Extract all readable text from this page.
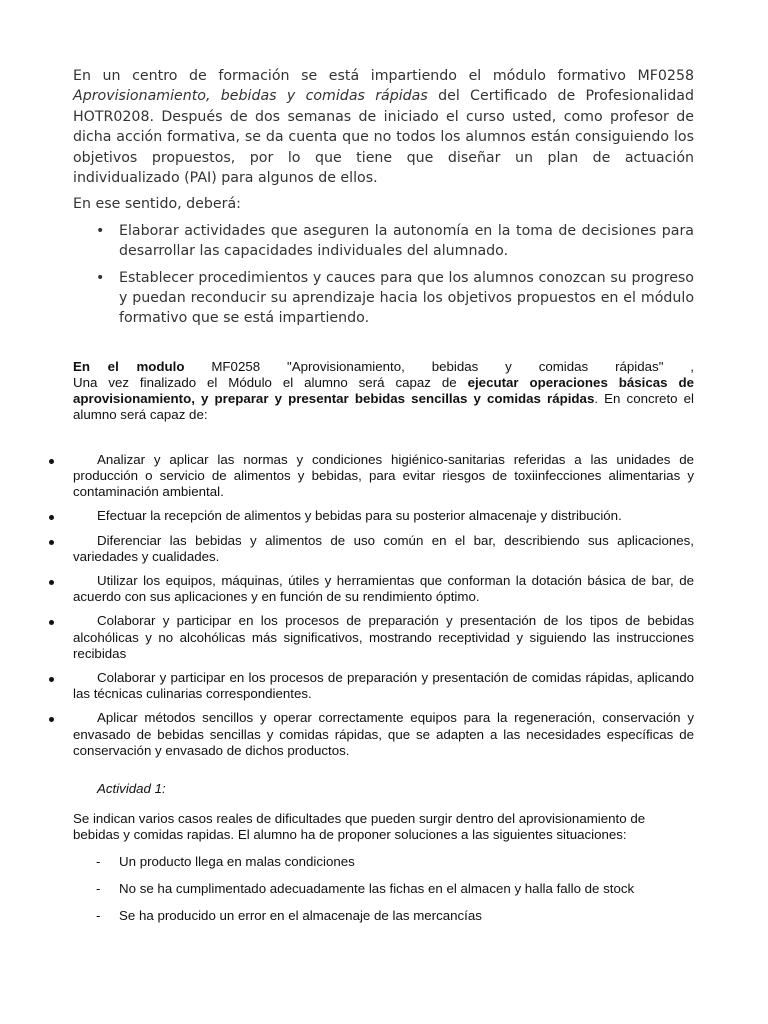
En un centro de formación se está impartiendo el módulo formativo MF0258 Aprovisionamiento, bebidas y comidas rápidas del Certificado de Profesionalidad HOTR0208. Después de dos semanas de iniciado el curso usted, como profesor de dicha acción formativa, se da cuenta que no todos los alumnos están consiguiendo los objetivos propuestos, por lo que tiene que diseñar un plan de actuación individualizado (PAI) para algunos de ellos.

En ese sentido, deberá:

• Elaborar actividades que aseguren la autonomía en la toma de decisiones para desarrollar las capacidades individuales del alumnado.
• Establecer procedimientos y cauces para que los alumnos conozcan su progreso y puedan reconducir su aprendizaje hacia los objetivos propuestos en el módulo formativo que se está impartiendo.
En el modulo MF0258 "Aprovisionamiento, bebidas y comidas rápidas" ,

Una vez finalizado el Módulo el alumno será capaz de ejecutar operaciones básicas de aprovisionamiento, y preparar y presentar bebidas sencillas y comidas rápidas. En concreto el alumno será capaz de:

Analizar y aplicar las normas y condiciones higiénico-sanitarias referidas a las unidades de producción o servicio de alimentos y bebidas, para evitar riesgos de toxiinfecciones alimentarias y contaminación ambiental.
Efectuar la recepción de alimentos y bebidas para su posterior almacenaje y distribución.
Diferenciar las bebidas y alimentos de uso común en el bar, describiendo sus aplicaciones, variedades y cualidades.
Utilizar los equipos, máquinas, útiles y herramientas que conforman la dotación básica de bar, de acuerdo con sus aplicaciones y en función de su rendimiento óptimo.
Colaborar y participar en los procesos de preparación y presentación de los tipos de bebidas alcohólicas y no alcohólicas más significativos, mostrando receptividad y siguiendo las instrucciones recibidas
Colaborar y participar en los procesos de preparación y presentación de comidas rápidas, aplicando las técnicas culinarias correspondientes.
Aplicar métodos sencillos y operar correctamente equipos para la regeneración, conservación y envasado de bebidas sencillas y comidas rápidas, que se adapten a las necesidades específicas de conservación y envasado de dichos productos.

Actividad 1:

Se indican varios casos reales de dificultades que pueden surgir dentro del aprovisionamiento de bebidas y comidas rapidas. El alumno ha de proponer soluciones a las siguientes situaciones:

- Un producto llega en malas condiciones
- No se ha cumplimentado adecuadamente las fichas en el almacen y halla fallo de stock
- Se ha producido un error en el almacenaje de las mercancías
